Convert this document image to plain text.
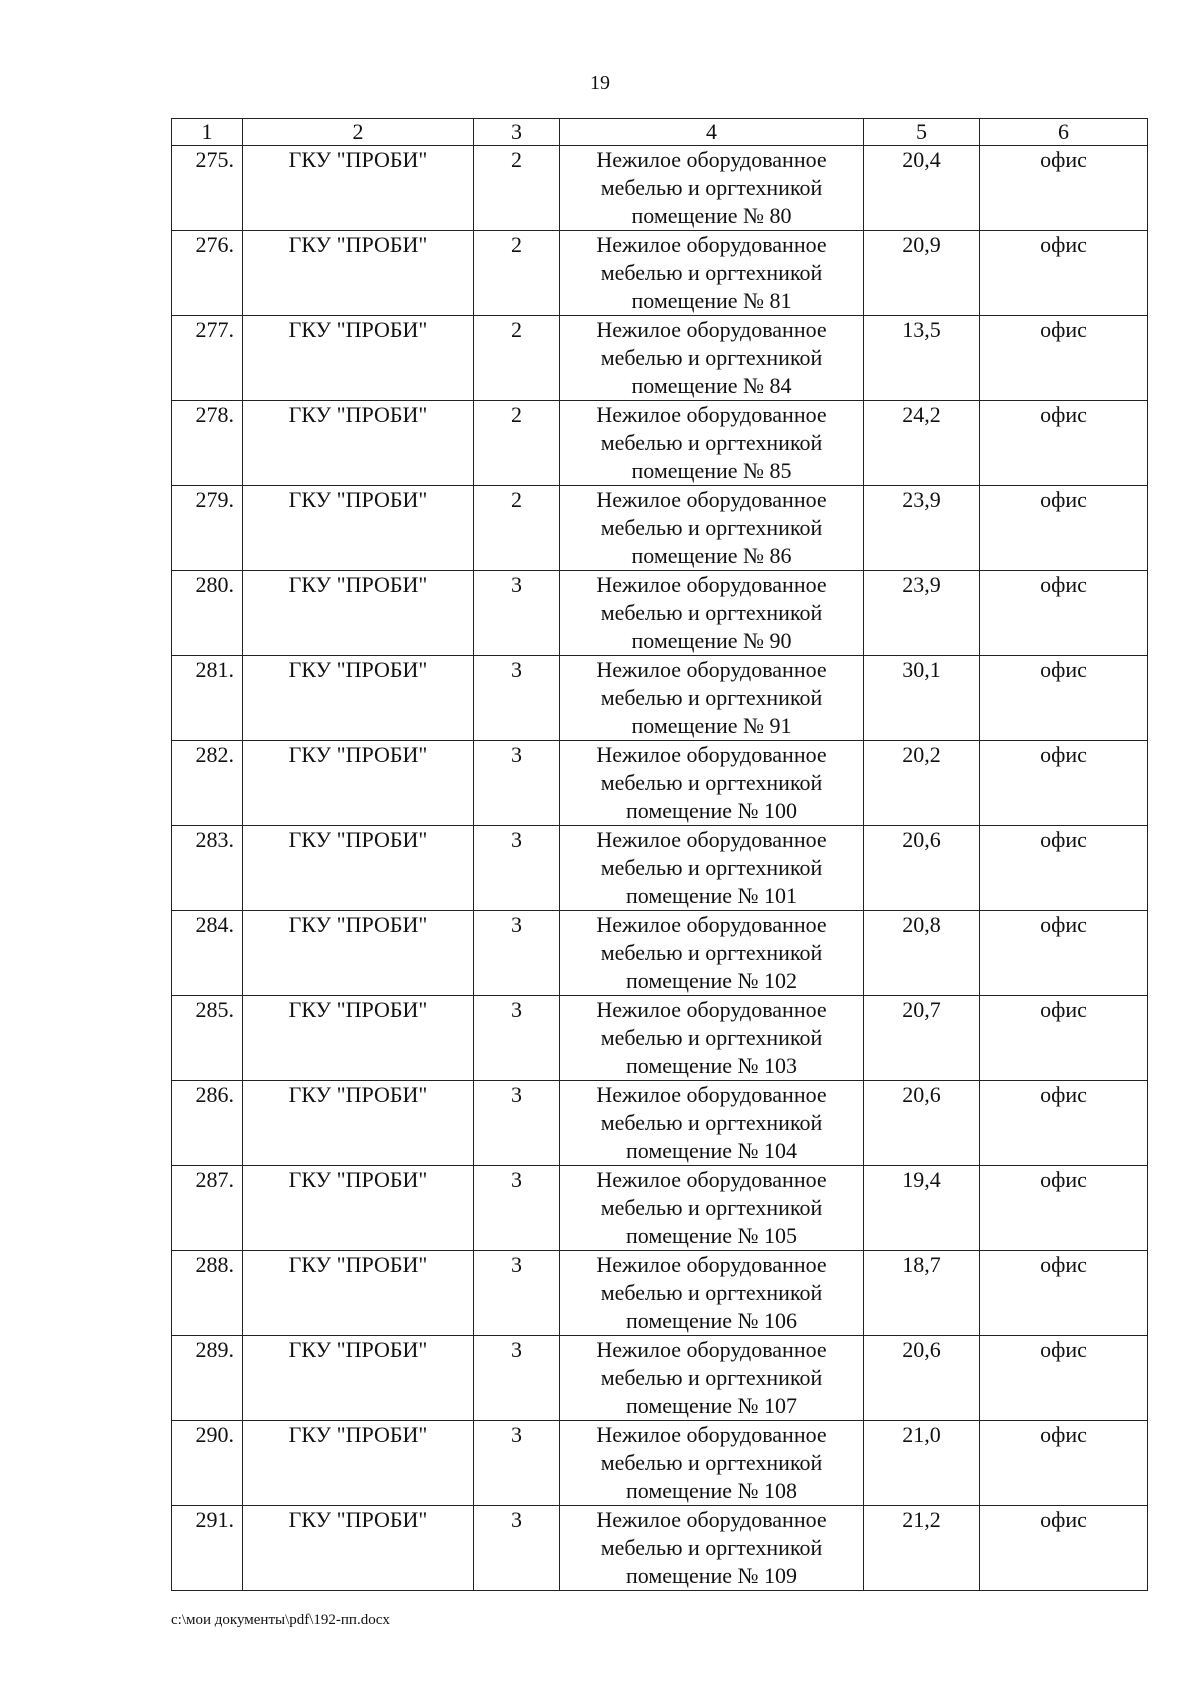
19
1	2	3	4	5	6
275.	ГКУ "ПРОБИ"	2	Нежилое оборудованное
мебелью и оргтехникой
помещение № 80	20,4	офис
276.	ГКУ "ПРОБИ"	2	Нежилое оборудованное
мебелью и оргтехникой
помещение № 81	20,9	офис
277.	ГКУ "ПРОБИ"	2	Нежилое оборудованное
мебелью и оргтехникой
помещение № 84	13,5	офис
278.	ГКУ "ПРОБИ"	2	Нежилое оборудованное
мебелью и оргтехникой
помещение № 85	24,2	офис
279.	ГКУ "ПРОБИ"	2	Нежилое оборудованное
мебелью и оргтехникой
помещение № 86	23,9	офис
280.	ГКУ "ПРОБИ"	3	Нежилое оборудованное
мебелью и оргтехникой
помещение № 90	23,9	офис
281.	ГКУ "ПРОБИ"	3	Нежилое оборудованное
мебелью и оргтехникой
помещение № 91	30,1	офис
282.	ГКУ "ПРОБИ"	3	Нежилое оборудованное
мебелью и оргтехникой
помещение № 100	20,2	офис
283.	ГКУ "ПРОБИ"	3	Нежилое оборудованное
мебелью и оргтехникой
помещение № 101	20,6	офис
284.	ГКУ "ПРОБИ"	3	Нежилое оборудованное
мебелью и оргтехникой
помещение № 102	20,8	офис
285.	ГКУ "ПРОБИ"	3	Нежилое оборудованное
мебелью и оргтехникой
помещение № 103	20,7	офис
286.	ГКУ "ПРОБИ"	3	Нежилое оборудованное
мебелью и оргтехникой
помещение № 104	20,6	офис
287.	ГКУ "ПРОБИ"	3	Нежилое оборудованное
мебелью и оргтехникой
помещение № 105	19,4	офис
288.	ГКУ "ПРОБИ"	3	Нежилое оборудованное
мебелью и оргтехникой
помещение № 106	18,7	офис
289.	ГКУ "ПРОБИ"	3	Нежилое оборудованное
мебелью и оргтехникой
помещение № 107	20,6	офис
290.	ГКУ "ПРОБИ"	3	Нежилое оборудованное
мебелью и оргтехникой
помещение № 108	21,0	офис
291.	ГКУ "ПРОБИ"	3	Нежилое оборудованное
мебелью и оргтехникой
помещение № 109	21,2	офис
с:\мои документы\pdf\192-пп.docx
